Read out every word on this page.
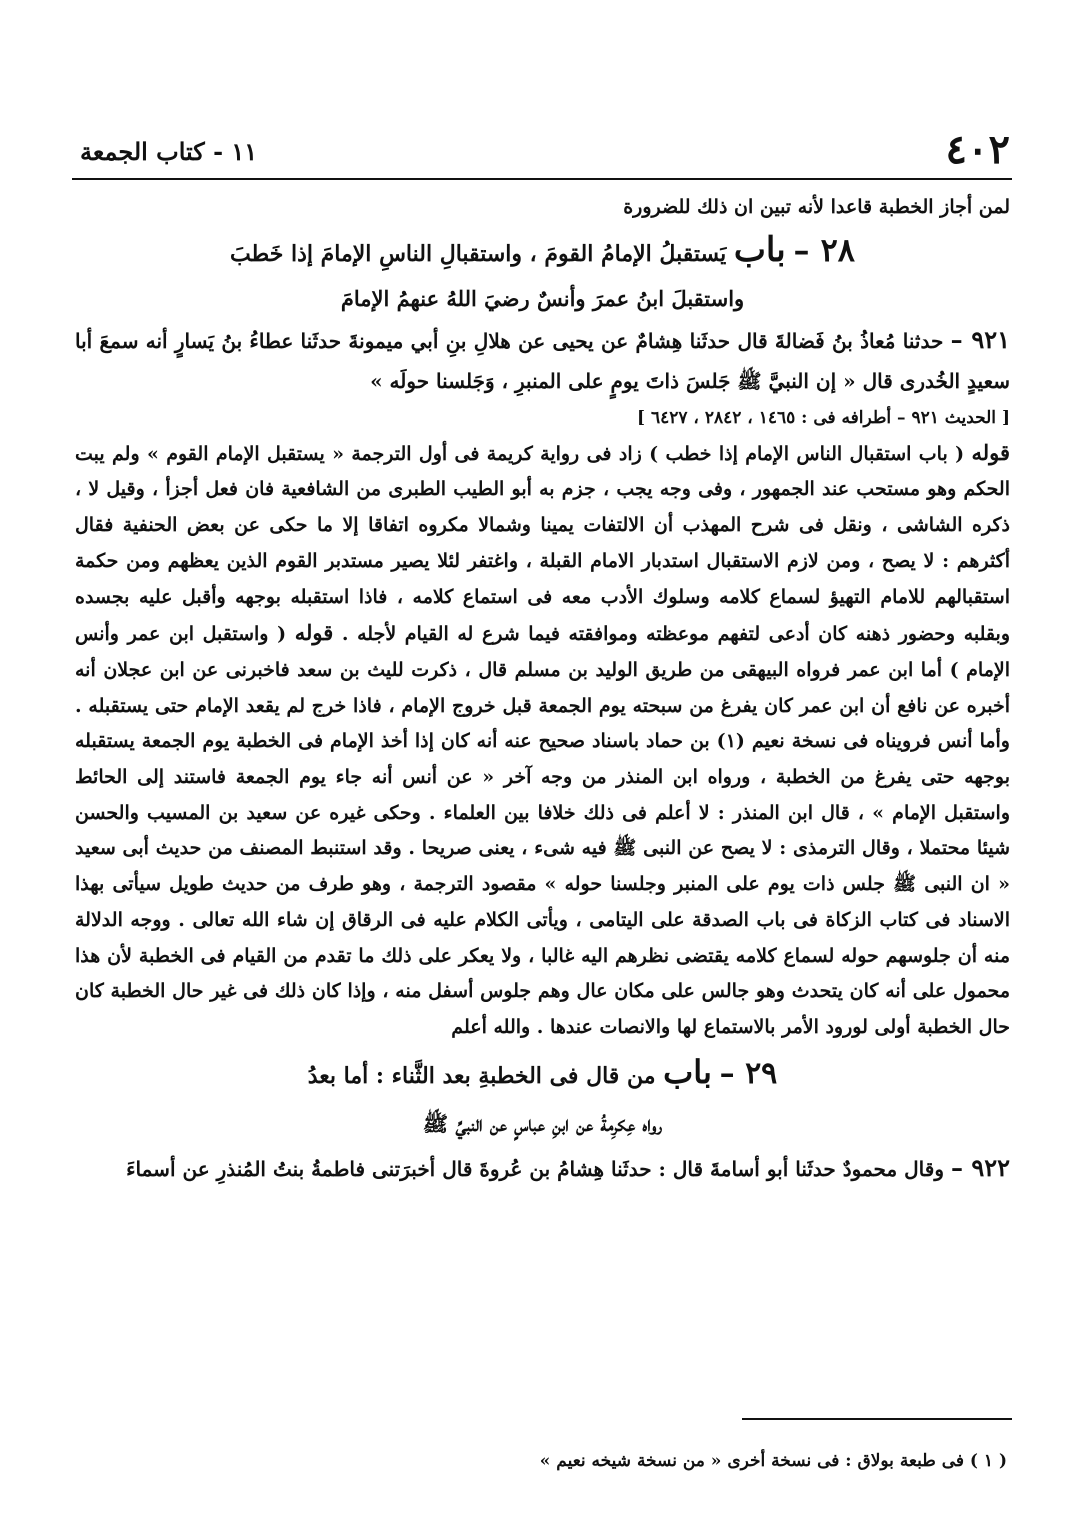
٤٠٢
١١ - كتاب الجمعة

لمن أجاز الخطبة قاعدا لأنه تبين ان ذلك للضرورة

٢٨ – باب يَستقبلُ الإمامُ القومَ ، واستقبالِ الناسِ الإمامَ إذا خَطبَ

واستقبلَ ابنُ عمرَ وأنسٌ رضيَ اللهُ عنهمُ الإمامَ

٩٢١ – حدثنا مُعاذُ بنُ فَضالةَ قال حدثَنا هِشامٌ عن يحيى عن هلالِ بنِ أبي ميمونةَ حدثَنا عطاءُ بنُ يَسارٍ أنه سمعَ أبا سعيدٍ الخُدرى قال « إن النبيَّ ﷺ جَلسَ ذاتَ يومٍ على المنبرِ ، وَجَلسنا حولَه »

[ الحديث ٩٢١ – أطرافه فى : ١٤٦٥ ، ٢٨٤٢ ، ٦٤٢٧ ]

قوله ( باب استقبال الناس الإمام إذا خطب ) زاد فى رواية كريمة فى أول الترجمة « يستقبل الإمام القوم » ولم يبت الحكم وهو مستحب عند الجمهور ، وفى وجه يجب ، جزم به أبو الطيب الطبرى من الشافعية فان فعل أجزأ ، وقيل لا ، ذكره الشاشى ، ونقل فى شرح المهذب أن الالتفات يمينا وشمالا مكروه اتفاقا إلا ما حكى عن بعض الحنفية فقال أكثرهم : لا يصح ، ومن لازم الاستقبال استدبار الامام القبلة ، واغتفر لئلا يصير مستدبر القوم الذين يعظهم ومن حكمة استقبالهم للامام التهيؤ لسماع كلامه وسلوك الأدب معه فى استماع كلامه ، فاذا استقبله بوجهه وأقبل عليه بجسده وبقلبه وحضور ذهنه كان أدعى لتفهم موعظته وموافقته فيما شرع له القيام لأجله . قوله ( واستقبل ابن عمر وأنس الإمام ) أما ابن عمر فرواه البيهقى من طريق الوليد بن مسلم قال ، ذكرت لليث بن سعد فاخبرنى عن ابن عجلان أنه أخبره عن نافع أن ابن عمر كان يفرغ من سبحته يوم الجمعة قبل خروج الإمام ، فاذا خرج لم يقعد الإمام حتى يستقبله . وأما أنس فرويناه فى نسخة نعيم (١) بن حماد باسناد صحيح عنه أنه كان إذا أخذ الإمام فى الخطبة يوم الجمعة يستقبله بوجهه حتى يفرغ من الخطبة ، ورواه ابن المنذر من وجه آخر « عن أنس أنه جاء يوم الجمعة فاستند إلى الحائط واستقبل الإمام » ، قال ابن المنذر : لا أعلم فى ذلك خلافا بين العلماء . وحكى غيره عن سعيد بن المسيب والحسن شيئا محتملا ، وقال الترمذى : لا يصح عن النبى ﷺ فيه شىء ، يعنى صريحا . وقد استنبط المصنف من حديث أبى سعيد « ان النبى ﷺ جلس ذات يوم على المنبر وجلسنا حوله » مقصود الترجمة ، وهو طرف من حديث طويل سيأتى بهذا الاسناد فى كتاب الزكاة فى باب الصدقة على اليتامى ، ويأتى الكلام عليه فى الرقاق إن شاء الله تعالى . ووجه الدلالة منه أن جلوسهم حوله لسماع كلامه يقتضى نظرهم اليه غالبا ، ولا يعكر على ذلك ما تقدم من القيام فى الخطبة لأن هذا محمول على أنه كان يتحدث وهو جالس على مكان عال وهم جلوس أسفل منه ، وإذا كان ذلك فى غير حال الخطبة كان حال الخطبة أولى لورود الأمر بالاستماع لها والانصات عندها . والله أعلم

٢٩ – باب من قال فى الخطبةِ بعد الثَّناء : أما بعدُ

رواه عِكرِمةُ عن ابنِ عباسٍ عن النبيِّ ﷺ

٩٢٢ – وقال محمودٌ حدثَنا أبو أسامةَ قال : حدثَنا هِشامُ بن عُروةَ قال أخبرَتنى فاطمةُ بنتُ المُنذرِ عن أسماءَ

( ١ ) فى طبعة بولاق : فى نسخة أخرى « من نسخة شيخه نعيم »
